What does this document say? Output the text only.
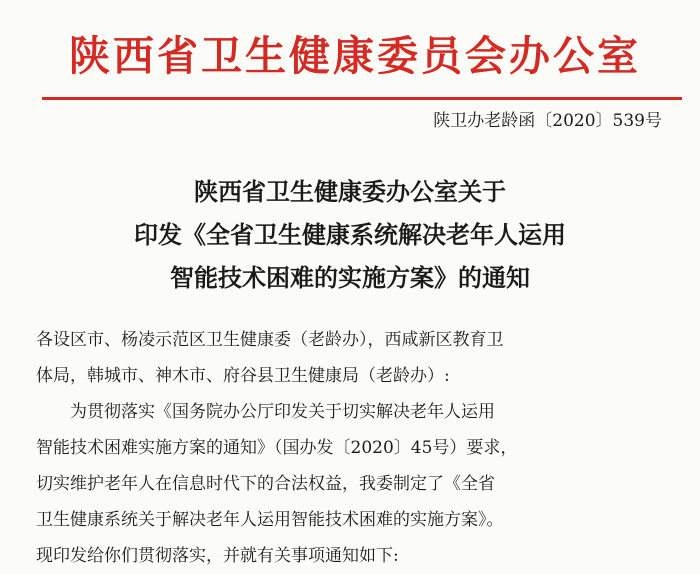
陕西省卫生健康委员会办公室
陕卫办老龄函〔2020〕539号
陕西省卫生健康委办公室关于
印发《全省卫生健康系统解决老年人运用
智能技术困难的实施方案》的通知

各设区市、杨凌示范区卫生健康委（老龄办），西咸新区教育卫

体局，韩城市、神木市、府谷县卫生健康局（老龄办）:

为贯彻落实《国务院办公厅印发关于切实解决老年人运用

智能技术困难实施方案的通知》（国办发〔2020〕45号）要求，

切实维护老年人在信息时代下的合法权益，我委制定了《全省

卫生健康系统关于解决老年人运用智能技术困难的实施方案》。

现印发给你们贯彻落实，并就有关事项通知如下:
